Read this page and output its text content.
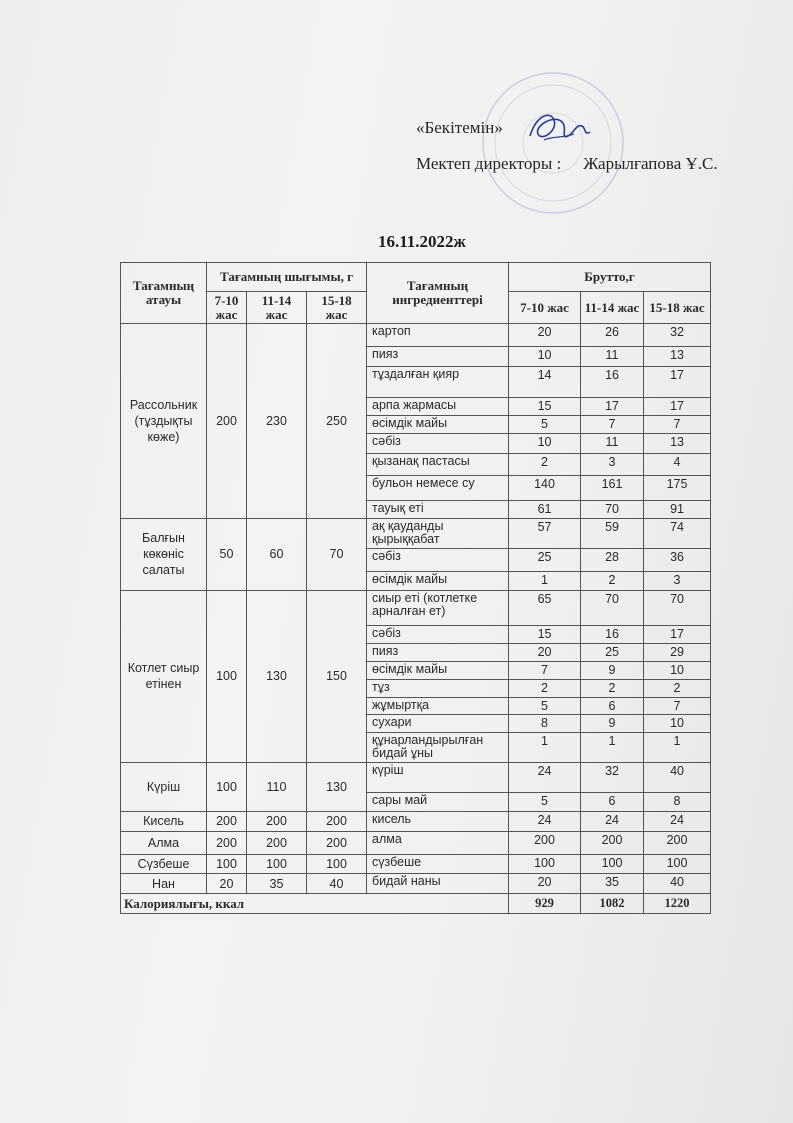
«Бекітемін»
Мектеп директоры : Жарылғапова Ұ.С.
16.11.2022ж
Тағамның атауы	Тағамның шығымы, г			Тағамның ингредиенттері	Брутто,г		
	7-10 жас	11-14 жас	15-18 жас		7-10 жас	11-14 жас	15-18 жас
Рассольник (тұздықты көже)	200	230	250	картоп	20	26	32
				пияз	10	11	13
				тұздалған қияр	14	16	17
				арпа жармасы	15	17	17
				өсімдік майы	5	7	7
				сәбіз	10	11	13
				қызанақ пастасы	2	3	4
				бульон немесе су	140	161	175
				тауық еті	61	70	91
Балғын көкөніс салаты	50	60	70	ақ қауданды қырыққабат	57	59	74
				сәбіз	25	28	36
				өсімдік майы	1	2	3
Котлет сиыр етінен	100	130	150	сиыр еті (котлетке арналған ет)	65	70	70
				сәбіз	15	16	17
				пияз	20	25	29
				өсімдік майы	7	9	10
				тұз	2	2	2
				жұмыртқа	5	6	7
				сухари	8	9	10
				құнарландырылған бидай ұны	1	1	1
Күріш	100	110	130	күріш	24	32	40
				сары май	5	6	8
Кисель	200	200	200	кисель	24	24	24
Алма	200	200	200	алма	200	200	200
Сүзбеше	100	100	100	сүзбеше	100	100	100
Нан	20	35	40	бидай наны	20	35	40
Калориялығы, ккал					929	1082	1220
